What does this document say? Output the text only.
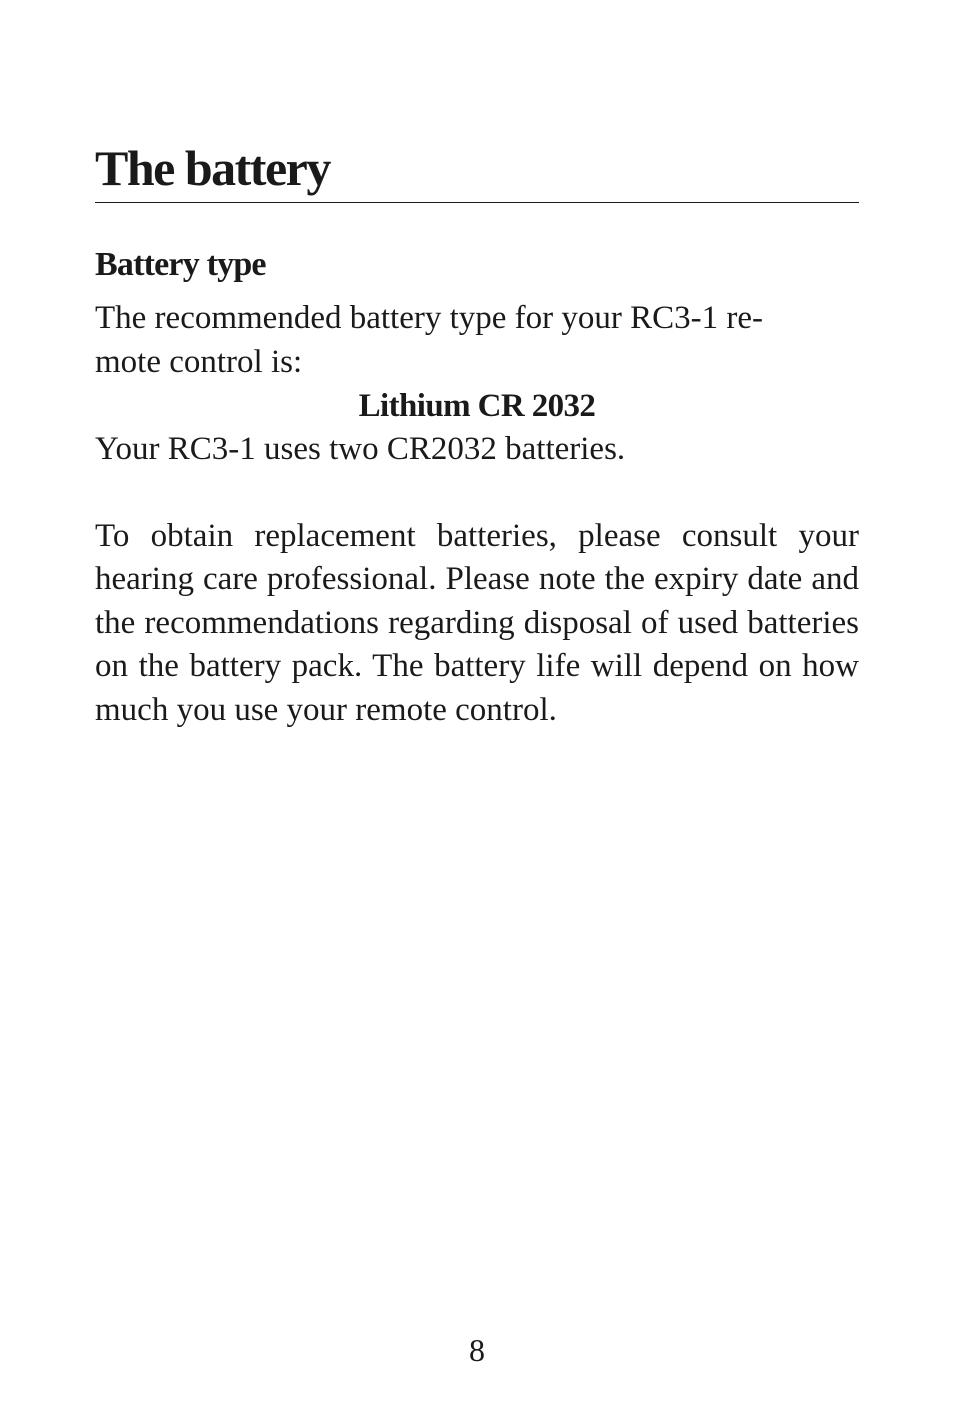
The battery
Battery type

The recommended battery type for your RC3-1 re-
mote control is:

Lithium CR 2032

Your RC3-1 uses two CR2032 batteries.

To obtain replacement batteries, please consult your hearing care professional. Please note the expiry date and the recommendations regarding disposal of used batteries on the battery pack. The battery life will depend on how much you use your remote control.

8
